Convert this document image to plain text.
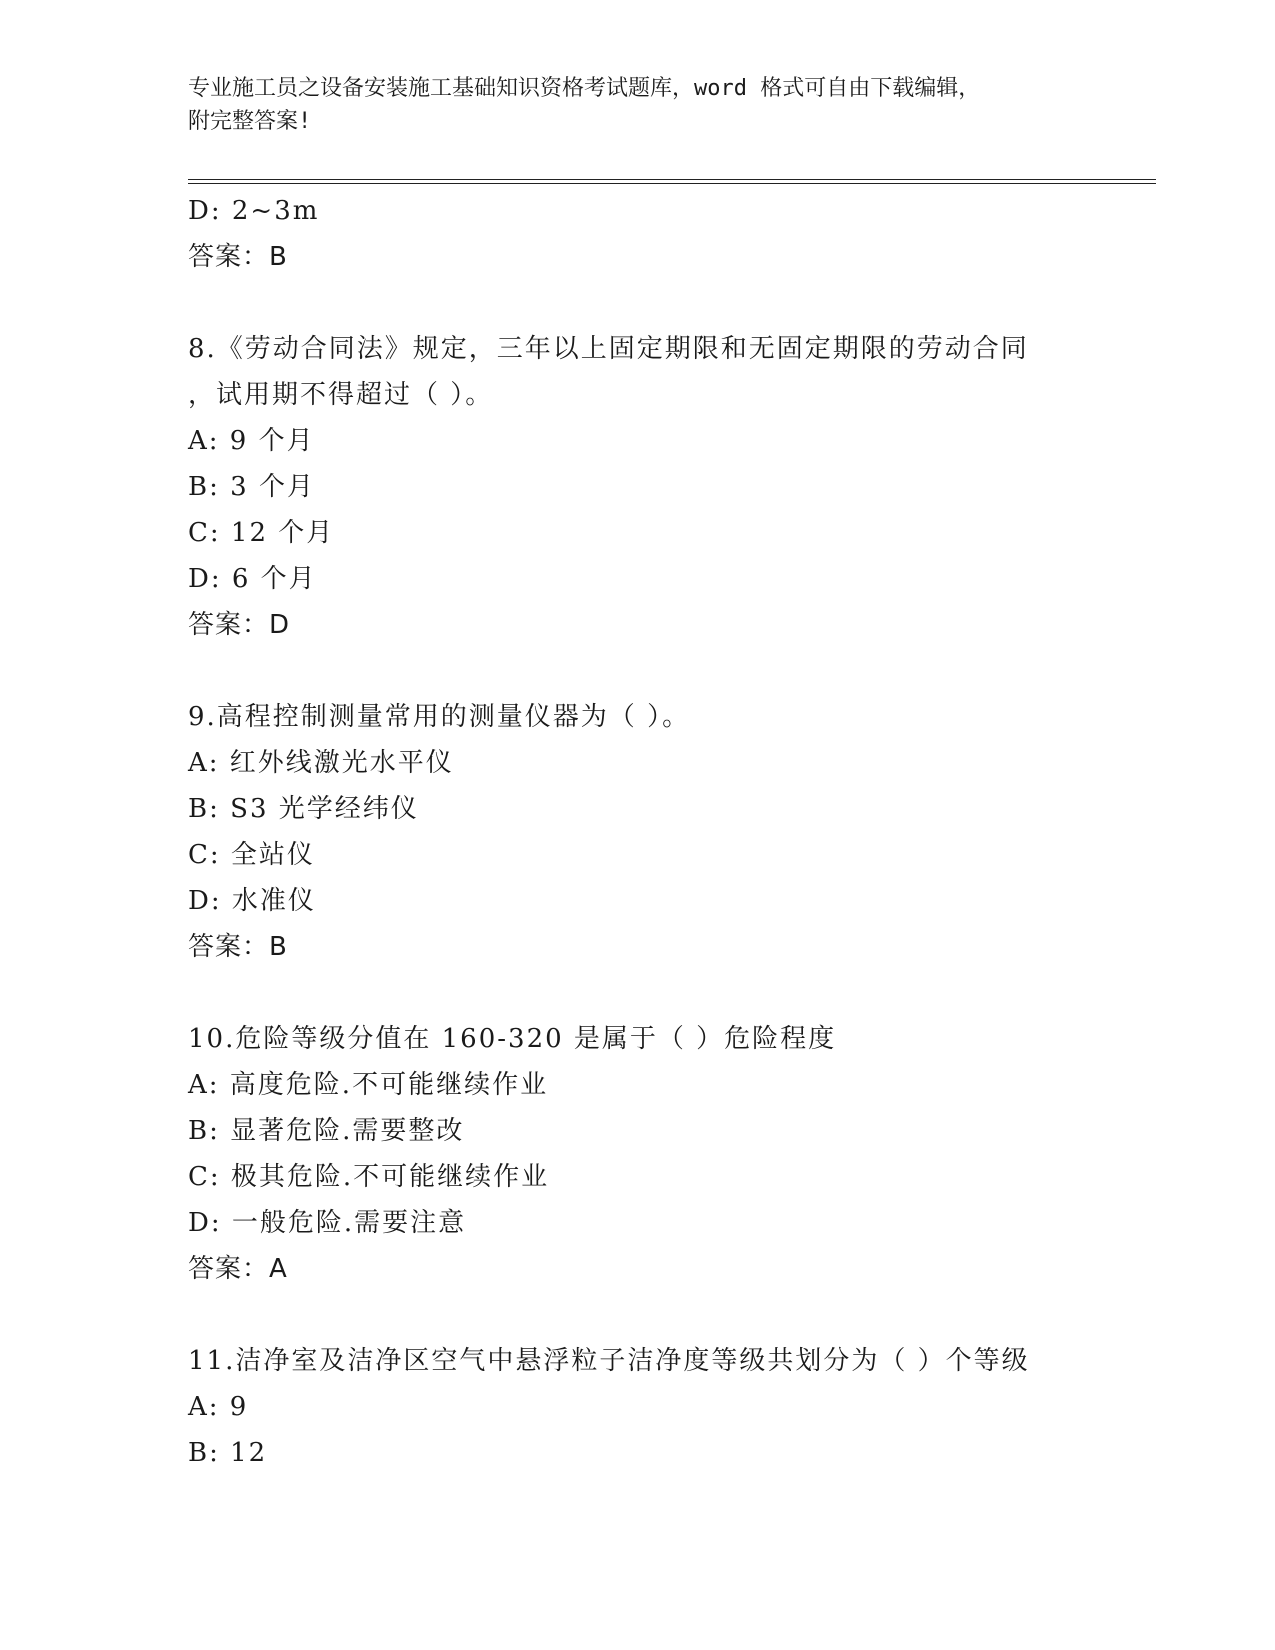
专业施工员之设备安装施工基础知识资格考试题库，word 格式可自由下载编辑，
附完整答案!
D: 2~3m
答案：B
8.《劳动合同法》规定，三年以上固定期限和无固定期限的劳动合同
，试用期不得超过（ ）。
A: 9 个月
B: 3 个月
C: 12 个月
D: 6 个月
答案：D
9.高程控制测量常用的测量仪器为（ ）。
A: 红外线激光水平仪
B: S3 光学经纬仪
C: 全站仪
D: 水准仪
答案：B
10.危险等级分值在 160-320 是属于（ ）危险程度
A: 高度危险.不可能继续作业
B: 显著危险.需要整改
C: 极其危险.不可能继续作业
D: 一般危险.需要注意
答案：A
11.洁净室及洁净区空气中悬浮粒子洁净度等级共划分为（ ）个等级
A: 9
B: 12
